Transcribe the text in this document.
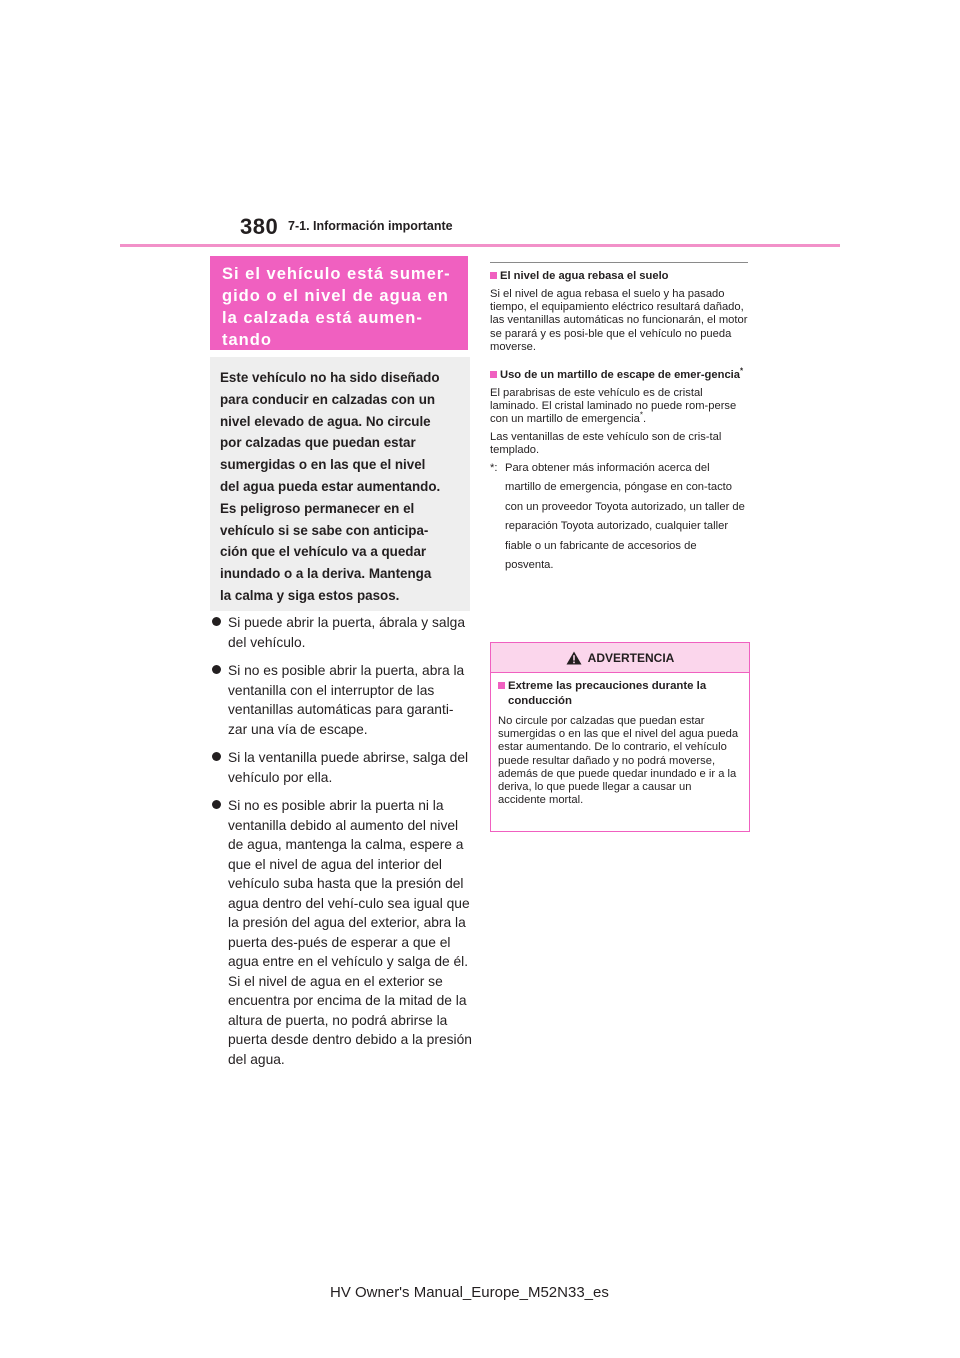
380 7-1. Información importante
Si el vehículo está sumer-gido o el nivel de agua en la calzada está aumen-tando

Este vehículo no ha sido diseñado

para conducir en calzadas con un

nivel elevado de agua. No circule

por calzadas que puedan estar

sumergidas o en las que el nivel

del agua pueda estar aumentando.

Es peligroso permanecer en el

vehículo si se sabe con anticipa-

ción que el vehículo va a quedar

inundado o a la deriva. Mantenga

la calma y siga estos pasos.

Si puede abrir la puerta, ábrala y salga del vehículo.
Si no es posible abrir la puerta, abra la ventanilla con el interruptor de las ventanillas automáticas para garanti-zar una vía de escape.
Si la ventanilla puede abrirse, salga del vehículo por ella.
Si no es posible abrir la puerta ni la ventanilla debido al aumento del nivel de agua, mantenga la calma, espere a que el nivel de agua del interior del vehículo suba hasta que la presión del agua dentro del vehí-culo sea igual que la presión del agua del exterior, abra la puerta des-pués de esperar a que el agua entre en el vehículo y salga de él. Si el nivel de agua en el exterior se encuentra por encima de la mitad de la altura de puerta, no podrá abrirse la puerta desde dentro debido a la presión del agua.
El nivel de agua rebasa el suelo

Si el nivel de agua rebasa el suelo y ha pasado tiempo, el equipamiento eléctrico resultará dañado, las ventanillas automáticas no funcionarán, el motor se parará y es posi-ble que el vehículo no pueda moverse.

Uso de un martillo de escape de emer-gencia*

El parabrisas de este vehículo es de cristal laminado. El cristal laminado no puede rom-perse con un martillo de emergencia*.

Las ventanillas de este vehículo son de cris-tal templado.

*: Para obtener más información acerca del martillo de emergencia, póngase en con-tacto con un proveedor Toyota autorizado, un taller de reparación Toyota autorizado, cualquier taller fiable o un fabricante de accesorios de posventa.
ADVERTENCIA
Extreme las precauciones durante la conducción

No circule por calzadas que puedan estar sumergidas o en las que el nivel del agua pueda estar aumentando. De lo contrario, el vehículo puede resultar dañado y no podrá moverse, además de que puede quedar inundado e ir a la deriva, lo que puede llegar a causar un accidente mortal.

HV Owner's Manual_Europe_M52N33_es
